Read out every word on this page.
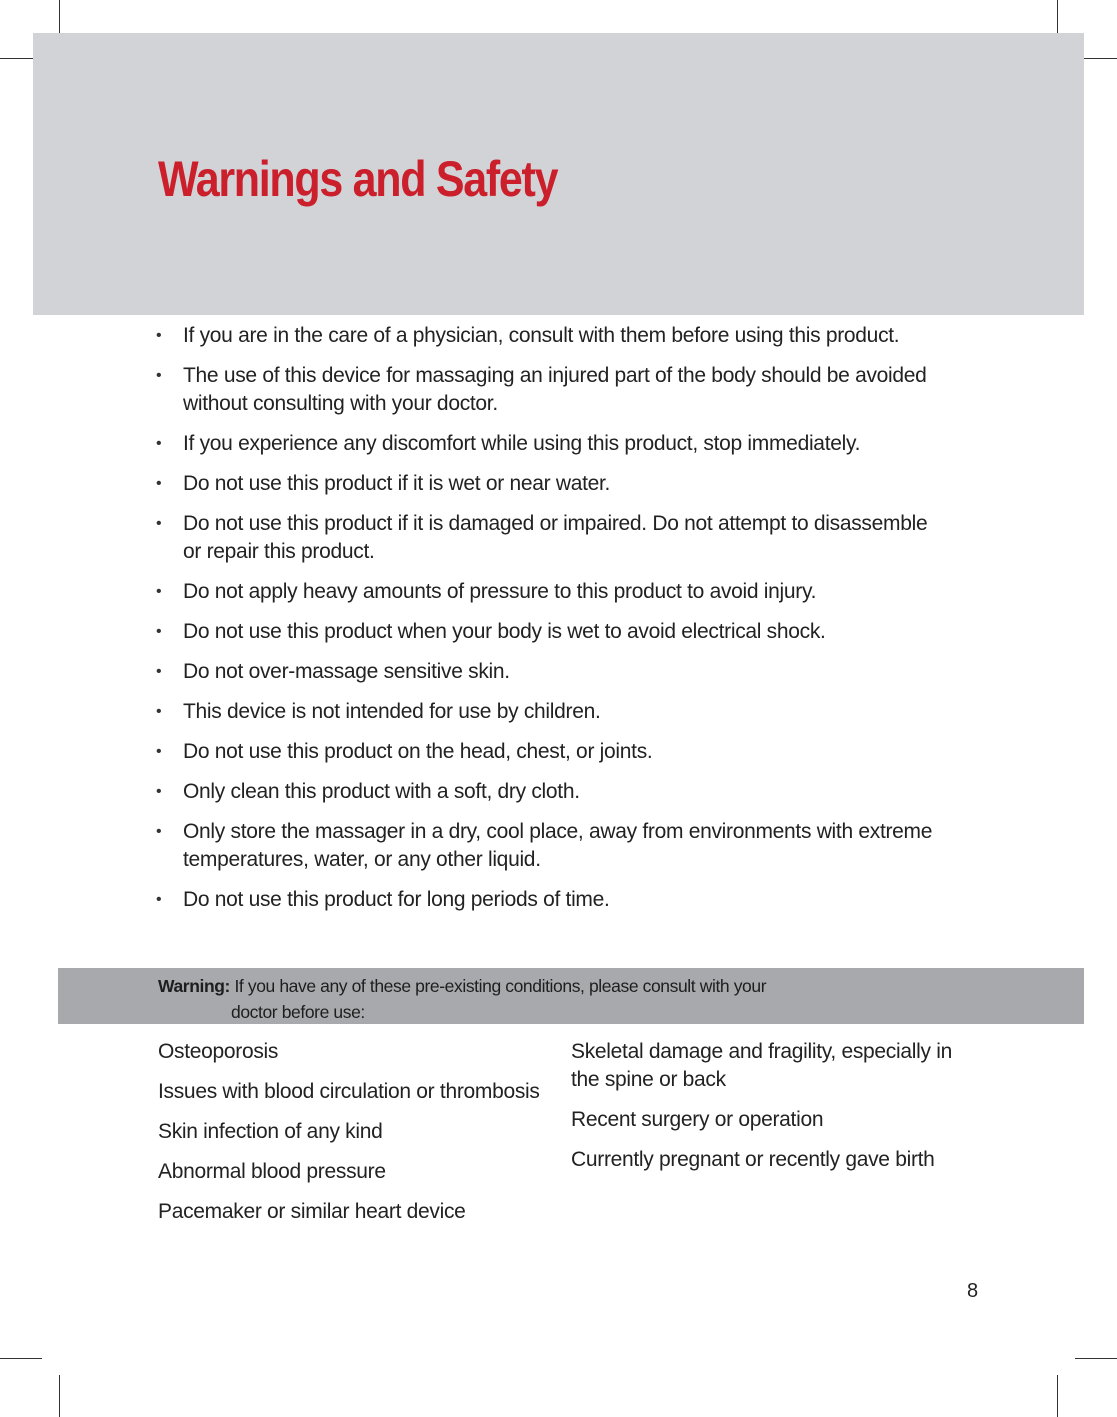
Warnings and Safety
• If you are in the care of a physician, consult with them before using this product.
• The use of this device for massaging an injured part of the body should be avoided without consulting with your doctor.
• If you experience any discomfort while using this product, stop immediately.
• Do not use this product if it is wet or near water.
• Do not use this product if it is damaged or impaired. Do not attempt to disassemble or repair this product.
• Do not apply heavy amounts of pressure to this product to avoid injury.
• Do not use this product when your body is wet to avoid electrical shock.
• Do not over-massage sensitive skin.
• This device is not intended for use by children.
• Do not use this product on the head, chest, or joints.
• Only clean this product with a soft, dry cloth.
• Only store the massager in a dry, cool place, away from environments with extreme temperatures, water, or any other liquid.
• Do not use this product for long periods of time.
Warning: If you have any of these pre-existing conditions, please consult with your
doctor before use:
Osteoporosis
Issues with blood circulation or thrombosis
Skin infection of any kind
Abnormal blood pressure
Pacemaker or similar heart device
Skeletal damage and fragility, especially in the spine or back
Recent surgery or operation
Currently pregnant or recently gave birth
8
